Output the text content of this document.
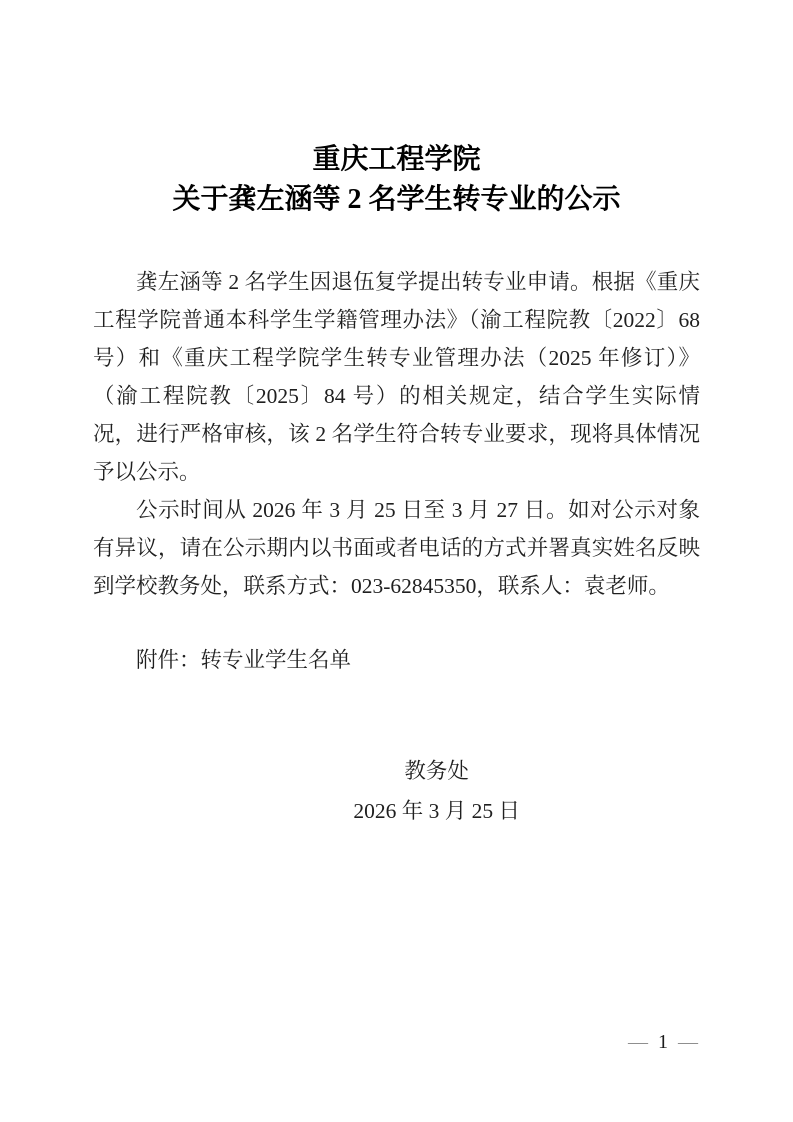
重庆工程学院
关于龚左涵等 2 名学生转专业的公示

龚左涵等 2 名学生因退伍复学提出转专业申请。根据《重庆工程学院普通本科学生学籍管理办法》（渝工程院教〔2022〕68 号）和《重庆工程学院学生转专业管理办法（2025 年修订）》（渝工程院教〔2025〕84 号）的相关规定，结合学生实际情况，进行严格审核，该 2 名学生符合转专业要求，现将具体情况予以公示。

公示时间从 2026 年 3 月 25 日至 3 月 27 日。如对公示对象有异议，请在公示期内以书面或者电话的方式并署真实姓名反映到学校教务处，联系方式：023-62845350，联系人：袁老师。

附件：转专业学生名单

教务处
2026 年 3 月 25 日
— 1 —
